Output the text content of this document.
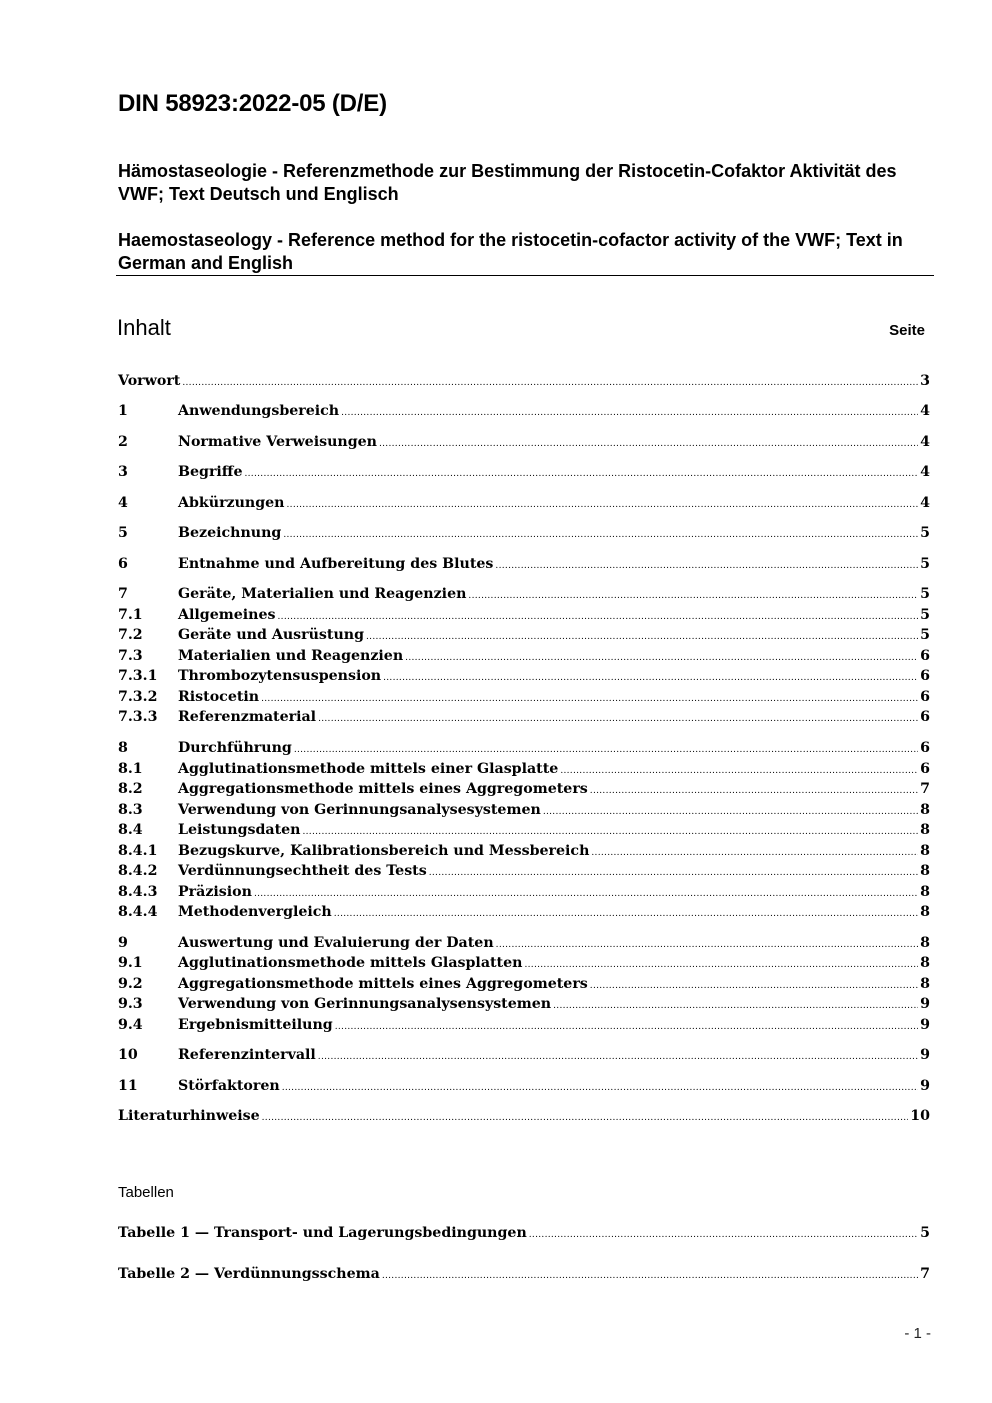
DIN 58923:2022-05 (D/E)
Hämostaseologie - Referenzmethode zur Bestimmung der Ristocetin-Cofaktor Aktivität des VWF; Text Deutsch und Englisch
Haemostaseology - Reference method for the ristocetin-cofactor activity of the VWF; Text in German and English
Inhalt	Seite
Vorwort .....	3
1	Anwendungsbereich .....	4
2	Normative Verweisungen .....	4
3	Begriffe .....	4
4	Abkürzungen .....	4
5	Bezeichnung .....	5
6	Entnahme und Aufbereitung des Blutes .....	5
7	Geräte, Materialien und Reagenzien .....	5
7.1	Allgemeines .....	5
7.2	Geräte und Ausrüstung .....	5
7.3	Materialien und Reagenzien .....	6
7.3.1	Thrombozytensuspension .....	6
7.3.2	Ristocetin .....	6
7.3.3	Referenzmaterial .....	6
8	Durchführung .....	6
8.1	Agglutinationsmethode mittels einer Glasplatte .....	6
8.2	Aggregationsmethode mittels eines Aggregometers .....	7
8.3	Verwendung von Gerinnungsanalysesystemen .....	8
8.4	Leistungsdaten .....	8
8.4.1	Bezugskurve, Kalibrationsbereich und Messbereich .....	8
8.4.2	Verdünnungsechtheit des Tests .....	8
8.4.3	Präzision .....	8
8.4.4	Methodenvergleich .....	8
9	Auswertung und Evaluierung der Daten .....	8
9.1	Agglutinationsmethode mittels Glasplatten .....	8
9.2	Aggregationsmethode mittels eines Aggregometers .....	8
9.3	Verwendung von Gerinnungsanalysensystemen .....	9
9.4	Ergebnismitteilung .....	9
10	Referenzintervall .....	9
11	Störfaktoren .....	9
Literaturhinweise .....	10
Tabellen
Tabelle 1 — Transport- und Lagerungsbedingungen .....	5
Tabelle 2 — Verdünnungsschema .....	7
- 1 -
